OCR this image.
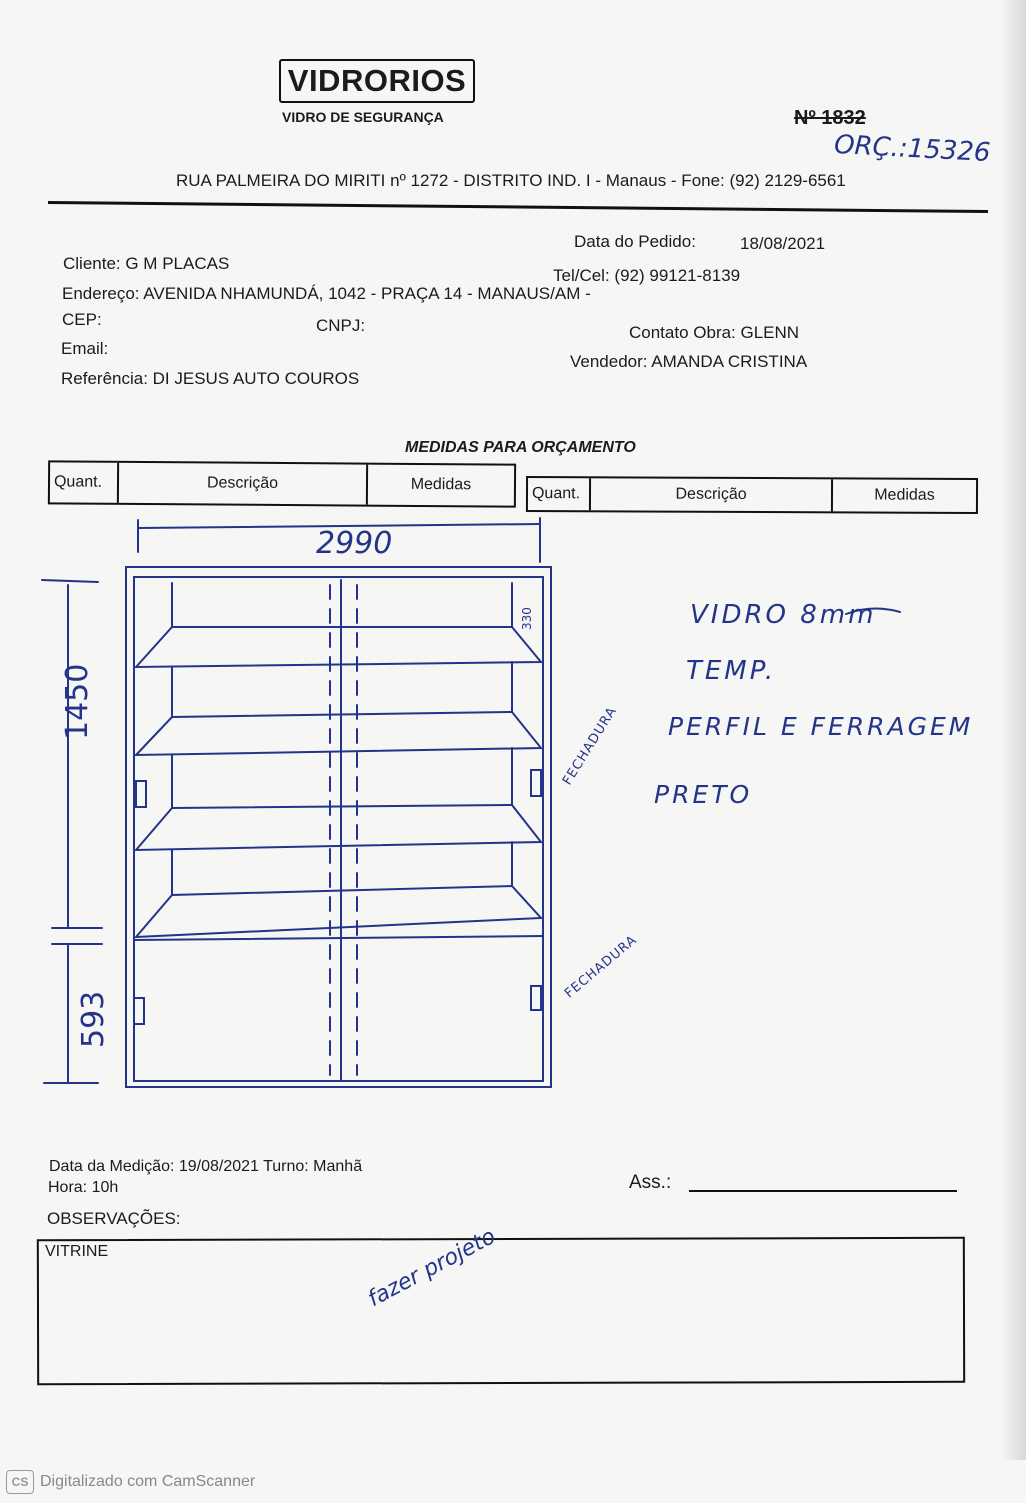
VIDRORIOS
VIDRO DE SEGURANÇA	Nº 1832
ORÇ.:15326
RUA PALMEIRA DO MIRITI nº 1272 - DISTRITO IND. I - Manaus - Fone: (92) 2129-6561
Data do Pedido:	18/08/2021
Cliente: G M PLACAS
Tel/Cel: (92) 99121-8139
Endereço: AVENIDA NHAMUNDÁ, 1042 - PRAÇA 14 - MANAUS/AM -
CEP:	CNPJ:	Contato Obra: GLENN
Email:
Vendedor: AMANDA CRISTINA
Referência: DI JESUS AUTO COUROS
MEDIDAS PARA ORÇAMENTO
Quant.	Descrição	Medidas
Quant.	Descrição	Medidas
2990
1450
593
330
FECHADURA
FECHADURA
VIDRO 8mm
TEMP.
PERFIL E FERRAGEM
PRETO
Data da Medição: 19/08/2021 Turno: Manhã
Hora: 10h	Ass.:
OBSERVAÇÕES:
VITRINE	fazer projeto
CS Digitalizado com CamScanner
